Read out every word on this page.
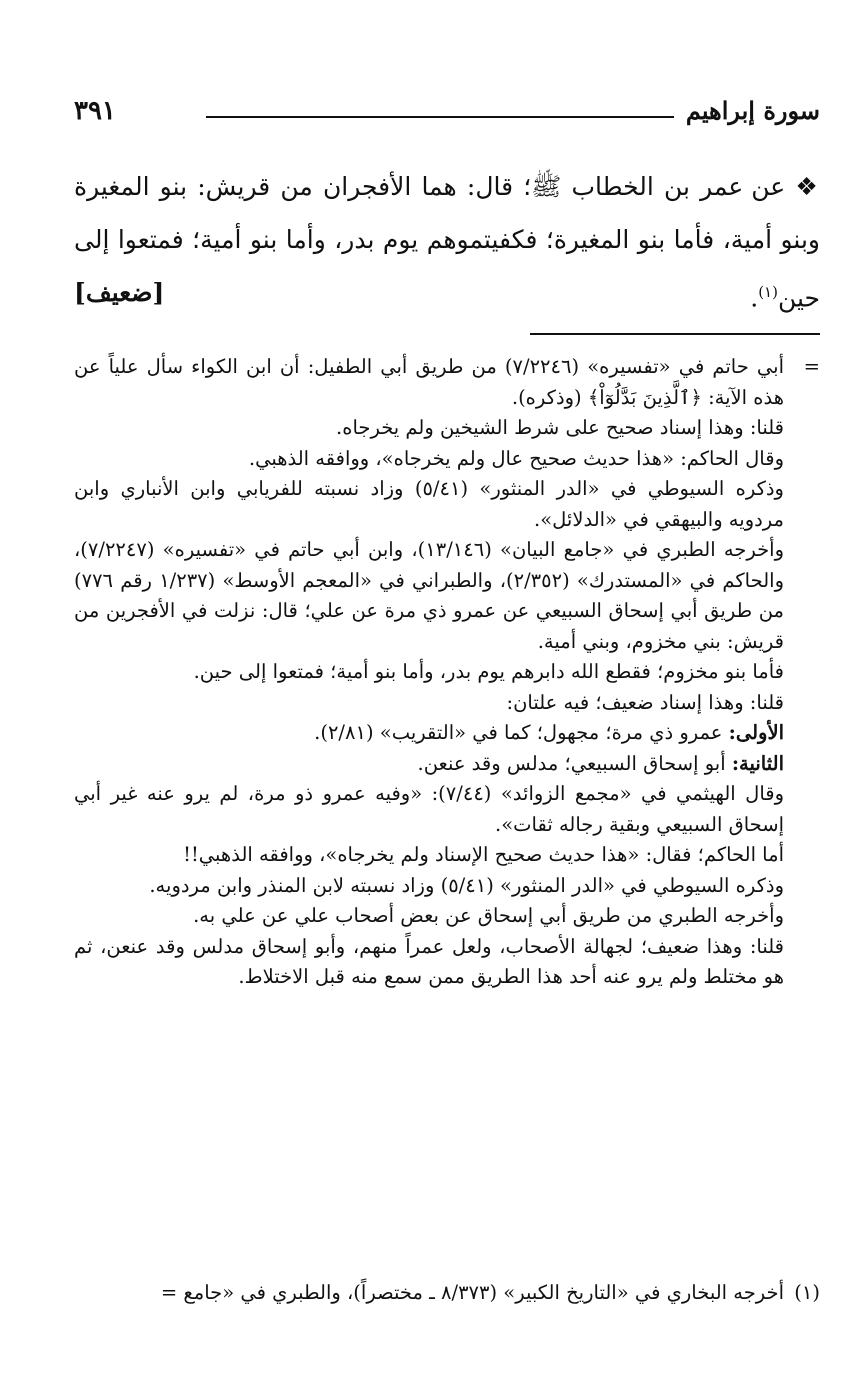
٣٩١	سورة إبراهيم
❖ عن عمر بن الخطاب ﷺ؛ قال: هما الأفجران من قريش: بنو المغيرة وبنو أمية، فأما بنو المغيرة؛ فكفيتموهم يوم بدر، وأما بنو أمية؛ فمتعوا إلى حين$^{(١)}$.
[ضعيف]

=
أبي حاتم في «تفسيره» (٧/٢٢٤٦) من طريق أبي الطفيل: أن ابن الكواء سأل علياً عن هذه الآية: ﴿ٱلَّذِينَ بَدَّلُوٓاْ﴾ (وذكره).

قلنا: وهذا إسناد صحيح على شرط الشيخين ولم يخرجاه.

وقال الحاكم: «هذا حديث صحيح عال ولم يخرجاه»، ووافقه الذهبي.

وذكره السيوطي في «الدر المنثور» (٥/٤١) وزاد نسبته للفريابي وابن الأنباري وابن مردويه والبيهقي في «الدلائل».

وأخرجه الطبري في «جامع البيان» (١٣/١٤٦)، وابن أبي حاتم في «تفسيره» (٧/٢٢٤٧)، والحاكم في «المستدرك» (٢/٣٥٢)، والطبراني في «المعجم الأوسط» (١/٢٣٧ رقم ٧٧٦) من طريق أبي إسحاق السبيعي عن عمرو ذي مرة عن علي؛ قال: نزلت في الأفجرين من قريش: بني مخزوم، وبني أمية.

فأما بنو مخزوم؛ فقطع الله دابرهم يوم بدر، وأما بنو أمية؛ فمتعوا إلى حين.

قلنا: وهذا إسناد ضعيف؛ فيه علتان:

الأولى: عمرو ذي مرة؛ مجهول؛ كما في «التقريب» (٢/٨١).

الثانية: أبو إسحاق السبيعي؛ مدلس وقد عنعن.

وقال الهيثمي في «مجمع الزوائد» (٧/٤٤): «وفيه عمرو ذو مرة، لم يرو عنه غير أبي إسحاق السبيعي وبقية رجاله ثقات».

أما الحاكم؛ فقال: «هذا حديث صحيح الإسناد ولم يخرجاه»، ووافقه الذهبي!!

وذكره السيوطي في «الدر المنثور» (٥/٤١) وزاد نسبته لابن المنذر وابن مردويه.

وأخرجه الطبري من طريق أبي إسحاق عن بعض أصحاب علي عن علي به.

قلنا: وهذا ضعيف؛ لجهالة الأصحاب، ولعل عمراً منهم، وأبو إسحاق مدلس وقد عنعن، ثم هو مختلط ولم يرو عنه أحد هذا الطريق ممن سمع منه قبل الاختلاط.

(١)
أخرجه البخاري في «التاريخ الكبير» (٨/٣٧٣ ـ مختصراً)، والطبري في «جامع =
